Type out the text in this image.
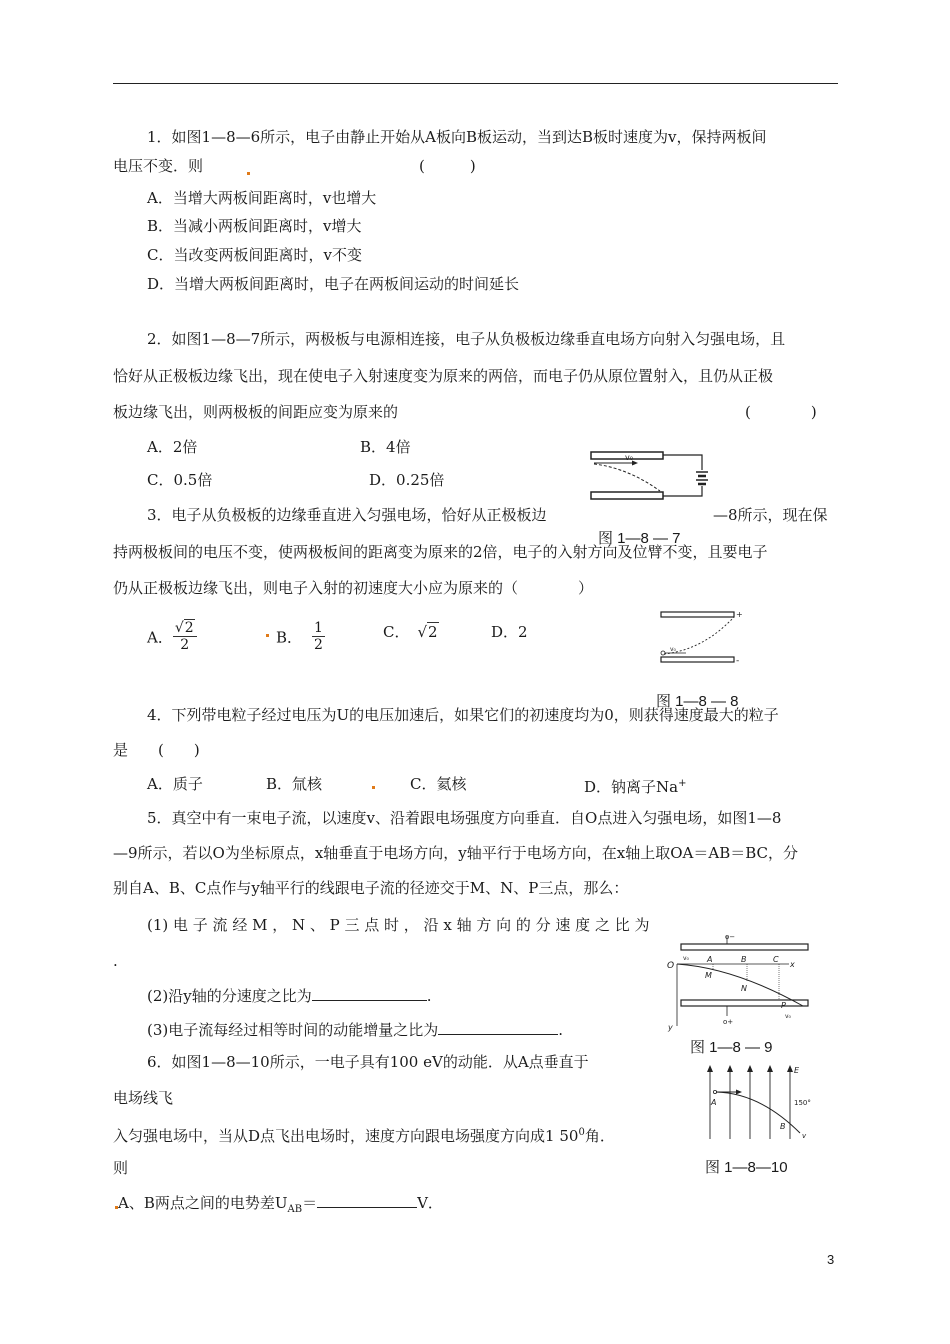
1．如图1—8—6所示，电子由静止开始从A板向B板运动，当到达B板时速度为v，保持两板间
电压不变．则	(　　　)
A．当增大两板间距离时，v也增大
B．当减小两板间距离时，v增大
C．当改变两板间距离时，v不变
D．当增大两板间距离时，电子在两板间运动的时间延长
2．如图1—8—7所示，两极板与电源相连接，电子从负极板边缘垂直电场方向射入匀强电场，且
恰好从正极板边缘飞出，现在使电子入射速度变为原来的两倍，而电子仍从原位置射入，且仍从正极
板边缘飞出，则两极板的间距应变为原来的	(　　　　)
A．2倍	B．4倍
C．0.5倍	D．0.25倍
v₀
图 1—8 — 7
3．电子从负极板的边缘垂直进入匀强电场，恰好从正极板边	—8所示，现在保
持两极板间的电压不变，使两极板间的距离变为原来的2倍，电子的入射方向及位臂不变，且要电子
仍从正极板边缘飞出，则电子入射的初速度大小应为原来的（　　　　）
A． $\frac{√2}{2}$	B． $\frac{1}{2}$	C． √2	D．2
+
-
v₀
图 1—8 — 8
4．下列带电粒子经过电压为U的电压加速后，如果它们的初速度均为0，则获得速度最大的粒子
是　　(　　)
A．质子	B．氚核	C．氦核	D．钠离子Na+
5．真空中有一束电子流，以速度v、沿着跟电场强度方向垂直．自O点进入匀强电场，如图1—8
—9所示，若以O为坐标原点，x轴垂直于电场方向，y轴平行于电场方向，在x轴上取OA＝AB＝BC，分
别自A、B、C点作与y轴平行的线跟电子流的径迹交于M、N、P三点，那么：
(1) 电 子 流 经 M ， N 、 P 三 点 时 ， 沿 x 轴 方 向 的 分 速 度 之 比 为
.
(2)沿y轴的分速度之比为	.
(3)电子流每经过相等时间的动能增量之比为	.
o−
o+
O
A	B	C
x
v₀
M
N
P
y
v₀
图 1—8 — 9
6．如图1—8—10所示，一电子具有100 eV的动能．从A点垂直于
电场线飞
入匀强电场中，当从D点飞出电场时，速度方向跟电场强度方向成1 $50^0$角．
则
A、B两点之间的电势差$U_{AB}=$	V．
E
A
B
150°
v
图 1—8—10
3
